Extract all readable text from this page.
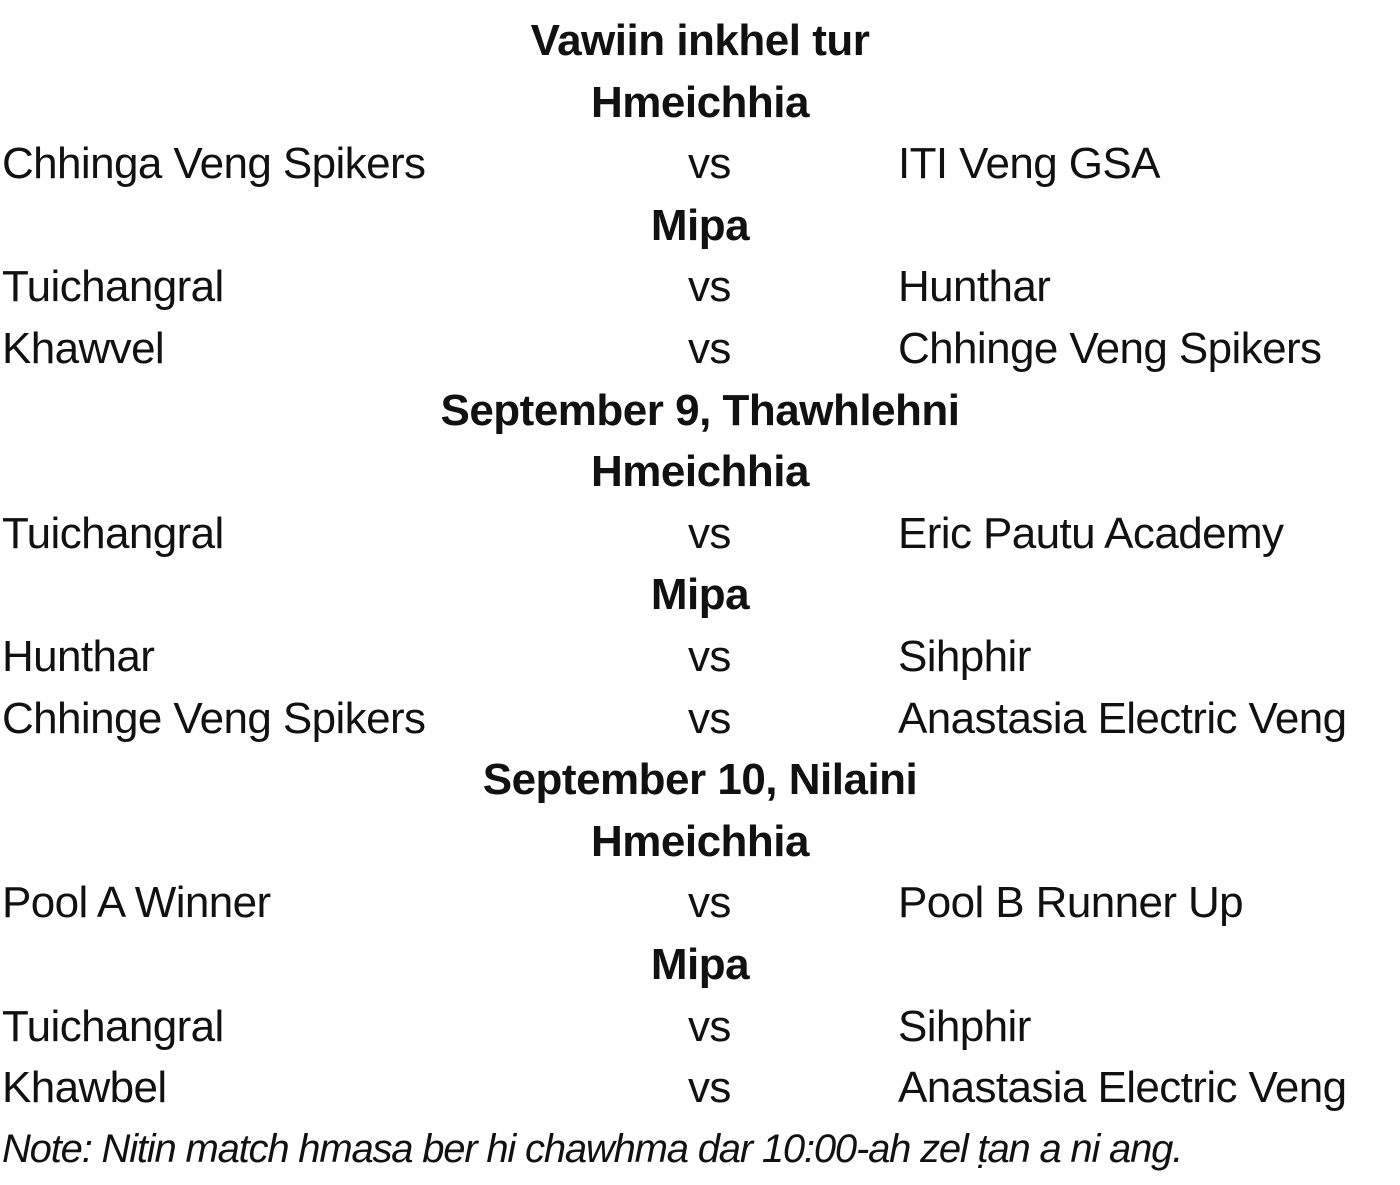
Vawiin inkhel tur
Hmeichhia
Chhinga Veng Spikers	vs	ITI Veng GSA
Mipa
Tuichangral	vs	Hunthar
Khawvel	vs	Chhinge Veng Spikers
September 9, Thawhlehni
Hmeichhia
Tuichangral	vs	Eric Pautu Academy
Mipa
Hunthar	vs	Sihphir
Chhinge Veng Spikers	vs	Anastasia Electric Veng
September 10, Nilaini
Hmeichhia
Pool A Winner	vs	Pool B Runner Up
Mipa
Tuichangral	vs	Sihphir
Khawbel	vs	Anastasia Electric Veng
Note: Nitin match hmasa ber hi chawhma dar 10:00-ah zel ṭan a ni ang.
